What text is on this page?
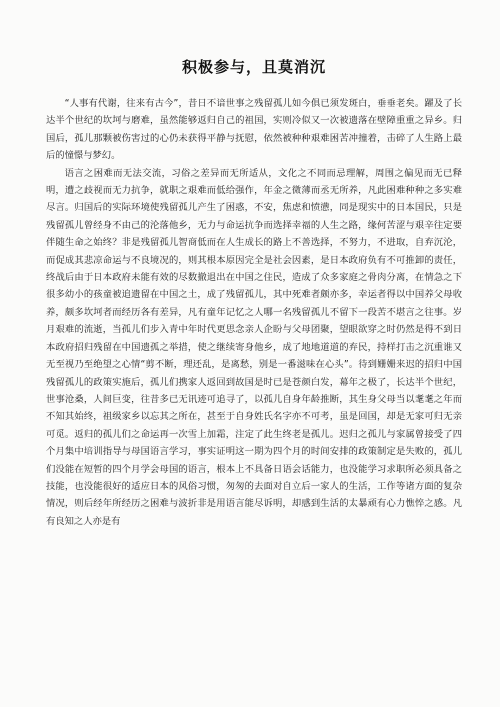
积极参与，且莫消沉

“人事有代谢，往来有古今”，昔日不谙世事之残留孤儿如今俱已须发斑白，垂垂老矣。躍及了长达半个世纪的坎坷与磨难，虽然能够返归自己的祖国，实则冷似又一次被遗落在壁障重重之异乡。归国后，孤儿那颗被伤害过的心仍未获得平静与抚慰，依然被种种艰难困苦冲撞着，击碎了人生路上最后的憧憬与梦幻。

语言之困难而无法交流，习俗之差异而无所适从，文化之不同而忌理解，周围之偏见而无已释明，遭之歧视而无力抗争，就职之艰难而低给强作，年金之微薄而丞无所养，凡此困难种种之多实难尽言。归国后的实际环境使残留孤儿产生了困惑，不安，焦虑和愤懑，同是现实中的日本国民，只是残留孤儿曾经身不由己的沦落他乡，无力与命运抗争而选择幸福的人生之路，缘何苦涩与艰辛往定要伴随生命之始终？非是残留孤儿智商低而在人生成长的路上不善选择，不努力，不进取，自弃沉沦，而促成其悲凉命运与不良境况的，则其根本原因完全是社会因素，是日本政府负有不可推卸的责任，终战后由于日本政府未能有效的尽数撤退出在中国之住民，造成了众多家庭之骨肉分离，在情急之下很多幼小的孩童被追遗留在中国之土，成了残留孤儿，其中死难者颇亦多，幸运者得以中国养父母收养，颇多坎坷者而经历各有差异，凡有童年记忆之人哪一名残留孤儿不留下一段苦不堪言之往事。岁月艰难的流逝，当孤儿们步入青中年时代更思念亲人企盼与父母团聚，望眼欲穿之时仍然是得不到日本政府招归残留在中国遗孤之举措，使之继续寄身他乡，成了地地道道的弃民，持样打击之沉重谁又无至视乃至绝望之心情“剪不断，理还乱，是离愁，别是一番滋味在心头”。待到姗姗来迟的招归中国残留孤儿的政策实施后，孤儿们携家人返回到故国是时已是苍颜白发，幕年之极了，长达半个世纪，世事沧桑，人间巨变，往昔多已无讯迹可追寻了，以孤儿自身年龄推断，其生身父母当以耄耄之年而不知其始终，祖级家乡以忘其之所在，甚至于自身姓氏名字亦不可考，虽是回国，却是无家可归无亲可觅。返归的孤儿们之命运再一次雪上加霜，注定了此生终老是孤儿。迟归之孤儿与家属曾接受了四个月集中培训指导与母国语言学习，事实证明这一期为四个月的时间安排的政策制定是失败的，孤儿们没能在短暂的四个月学会母国的语言，根本上不具备日语会话能力，也没能学习求职所必须具备之技能，也没能很好的适应日本的风俗习惯，匆匆的去面对自立后一家人的生活，工作等诸方面的复杂情况，则后经年所经历之困难与波折非是用语言能尽诉明，却感到生活的太暴顽有心力憔悴之感。凡有良知之人亦是有
